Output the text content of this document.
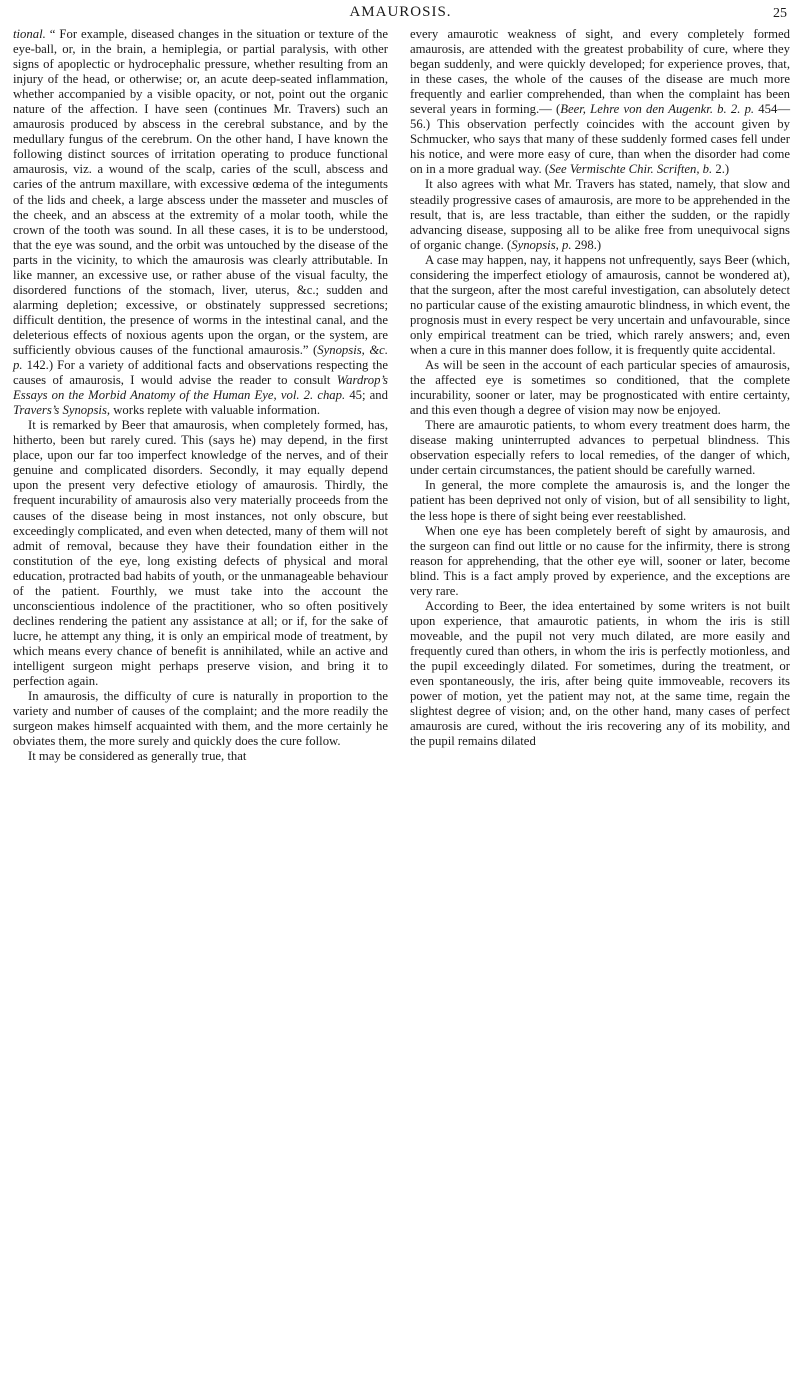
AMAUROSIS.	25

tional. “ For example, diseased changes in the situation or texture of the eye-ball, or, in the brain, a hemiplegia, or partial paralysis, with other signs of apoplectic or hydrocephalic pressure, whether resulting from an injury of the head, or otherwise; or, an acute deep-seated inflammation, whether accompanied by a visible opacity, or not, point out the organic nature of the affection. I have seen (continues Mr. Travers) such an amaurosis produced by abscess in the cerebral substance, and by the medullary fungus of the cerebrum. On the other hand, I have known the following distinct sources of irritation operating to produce functional amaurosis, viz. a wound of the scalp, caries of the scull, abscess and caries of the antrum maxillare, with excessive œdema of the integuments of the lids and cheek, a large abscess under the masseter and muscles of the cheek, and an abscess at the extremity of a molar tooth, while the crown of the tooth was sound. In all these cases, it is to be understood, that the eye was sound, and the orbit was untouched by the disease of the parts in the vicinity, to which the amaurosis was clearly attributable. In like manner, an excessive use, or rather abuse of the visual faculty, the disordered functions of the stomach, liver, uterus, &c.; sudden and alarming depletion; excessive, or obstinately suppressed secretions; difficult dentition, the presence of worms in the intestinal canal, and the deleterious effects of noxious agents upon the organ, or the system, are sufficiently obvious causes of the functional amaurosis.” (Synopsis, &c. p. 142.) For a variety of additional facts and observations respecting the causes of amaurosis, I would advise the reader to consult Wardrop’s Essays on the Morbid Anatomy of the Human Eye, vol. 2. chap. 45; and Travers’s Synopsis, works replete with valuable information.

It is remarked by Beer that amaurosis, when completely formed, has, hitherto, been but rarely cured. This (says he) may depend, in the first place, upon our far too imperfect knowledge of the nerves, and of their genuine and complicated disorders. Secondly, it may equally depend upon the present very defective etiology of amaurosis. Thirdly, the frequent incurability of amaurosis also very materially proceeds from the causes of the disease being in most instances, not only obscure, but exceedingly complicated, and even when detected, many of them will not admit of removal, because they have their foundation either in the constitution of the eye, long existing defects of physical and moral education, protracted bad habits of youth, or the unmanageable behaviour of the patient. Fourthly, we must take into the account the unconscientious indolence of the practitioner, who so often positively declines rendering the patient any assistance at all; or if, for the sake of lucre, he attempt any thing, it is only an empirical mode of treatment, by which means every chance of benefit is annihilated, while an active and intelligent surgeon might perhaps preserve vision, and bring it to perfection again.

In amaurosis, the difficulty of cure is naturally in proportion to the variety and number of causes of the complaint; and the more readily the surgeon makes himself acquainted with them, and the more certainly he obviates them, the more surely and quickly does the cure follow.

It may be considered as generally true, that

every amaurotic weakness of sight, and every completely formed amaurosis, are attended with the greatest probability of cure, where they began suddenly, and were quickly developed; for experience proves, that, in these cases, the whole of the causes of the disease are much more frequently and earlier comprehended, than when the complaint has been several years in forming.— (Beer, Lehre von den Augenkr. b. 2. p. 454—56.) This observation perfectly coincides with the account given by Schmucker, who says that many of these suddenly formed cases fell under his notice, and were more easy of cure, than when the disorder had come on in a more gradual way. (See Vermischte Chir. Scriften, b. 2.)

It also agrees with what Mr. Travers has stated, namely, that slow and steadily progressive cases of amaurosis, are more to be apprehended in the result, that is, are less tractable, than either the sudden, or the rapidly advancing disease, supposing all to be alike free from unequivocal signs of organic change. (Synopsis, p. 298.)

A case may happen, nay, it happens not unfrequently, says Beer (which, considering the imperfect etiology of amaurosis, cannot be wondered at), that the surgeon, after the most careful investigation, can absolutely detect no particular cause of the existing amaurotic blindness, in which event, the prognosis must in every respect be very uncertain and unfavourable, since only empirical treatment can be tried, which rarely answers; and, even when a cure in this manner does follow, it is frequently quite accidental.

As will be seen in the account of each particular species of amaurosis, the affected eye is sometimes so conditioned, that the complete incurability, sooner or later, may be prognosticated with entire certainty, and this even though a degree of vision may now be enjoyed.

There are amaurotic patients, to whom every treatment does harm, the disease making uninterrupted advances to perpetual blindness. This observation especially refers to local remedies, of the danger of which, under certain circumstances, the patient should be carefully warned.

In general, the more complete the amaurosis is, and the longer the patient has been deprived not only of vision, but of all sensibility to light, the less hope is there of sight being ever reestablished.

When one eye has been completely bereft of sight by amaurosis, and the surgeon can find out little or no cause for the infirmity, there is strong reason for apprehending, that the other eye will, sooner or later, become blind. This is a fact amply proved by experience, and the exceptions are very rare.

According to Beer, the idea entertained by some writers is not built upon experience, that amaurotic patients, in whom the iris is still moveable, and the pupil not very much dilated, are more easily and frequently cured than others, in whom the iris is perfectly motionless, and the pupil exceedingly dilated. For sometimes, during the treatment, or even spontaneously, the iris, after being quite immoveable, recovers its power of motion, yet the patient may not, at the same time, regain the slightest degree of vision; and, on the other hand, many cases of perfect amaurosis are cured, without the iris recovering any of its mobility, and the pupil remains dilated
